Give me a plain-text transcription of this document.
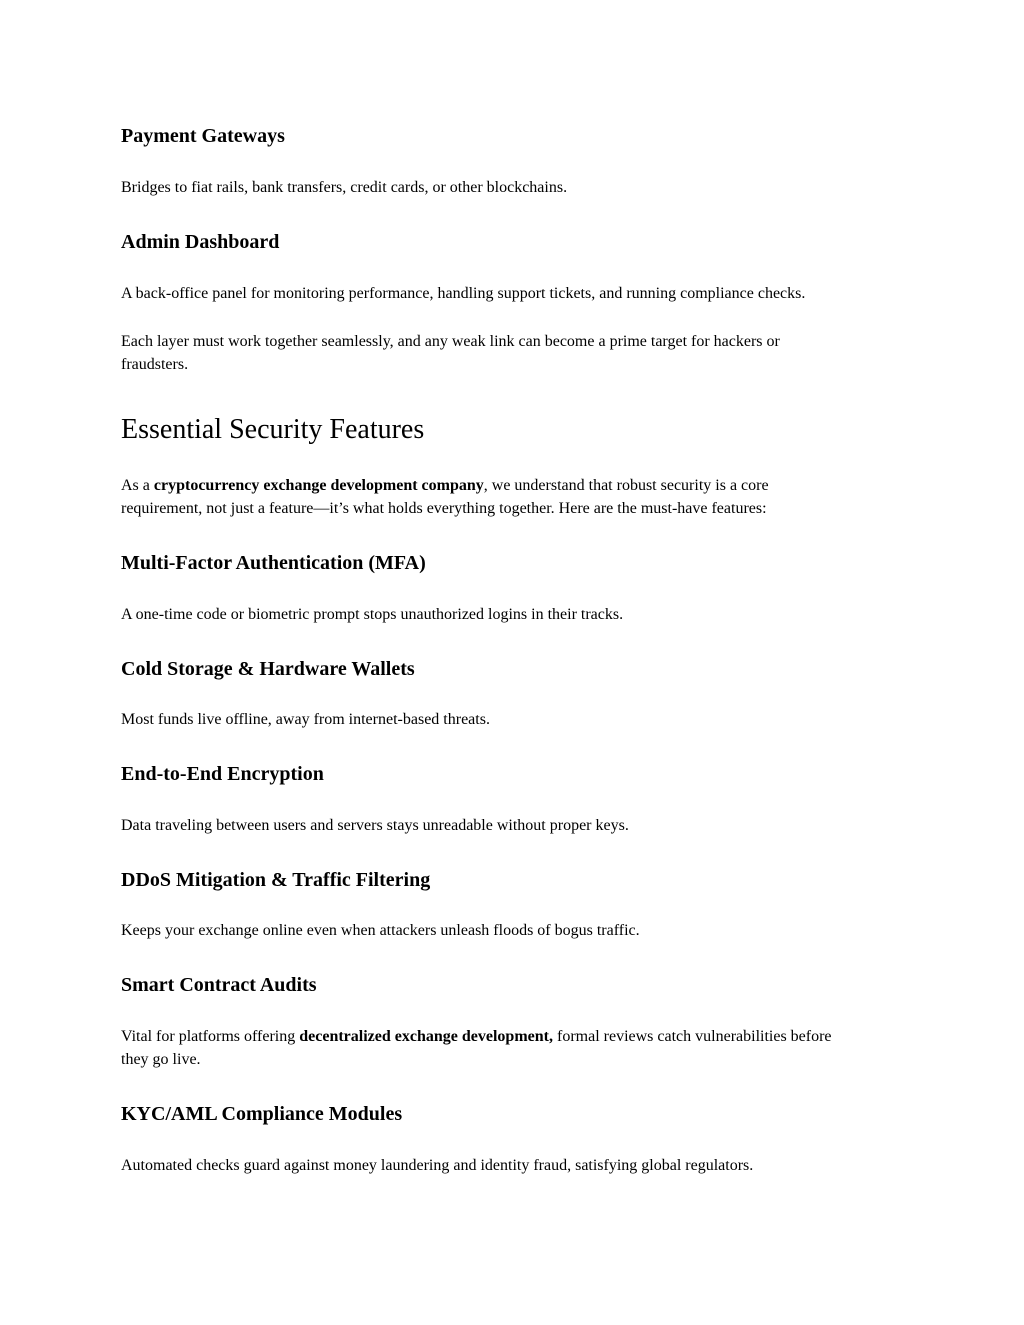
Payment Gateways

Bridges to fiat rails, bank transfers, credit cards, or other blockchains.

Admin Dashboard

A back‑office panel for monitoring performance, handling support tickets, and running compliance checks.

Each layer must work together seamlessly, and any weak link can become a prime target for hackers or

fraudsters.

Essential Security Features

As a cryptocurrency exchange development company, we understand that robust security is a core

requirement, not just a feature—it’s what holds everything together. Here are the must‑have features:

Multi‑Factor Authentication (MFA)

A one‑time code or biometric prompt stops unauthorized logins in their tracks.

Cold Storage & Hardware Wallets

Most funds live offline, away from internet‑based threats.

End‑to‑End Encryption

Data traveling between users and servers stays unreadable without proper keys.

DDoS Mitigation & Traffic Filtering

Keeps your exchange online even when attackers unleash floods of bogus traffic.

Smart Contract Audits

Vital for platforms offering decentralized exchange development, formal reviews catch vulnerabilities before

they go live.

KYC/AML Compliance Modules

Automated checks guard against money laundering and identity fraud, satisfying global regulators.
